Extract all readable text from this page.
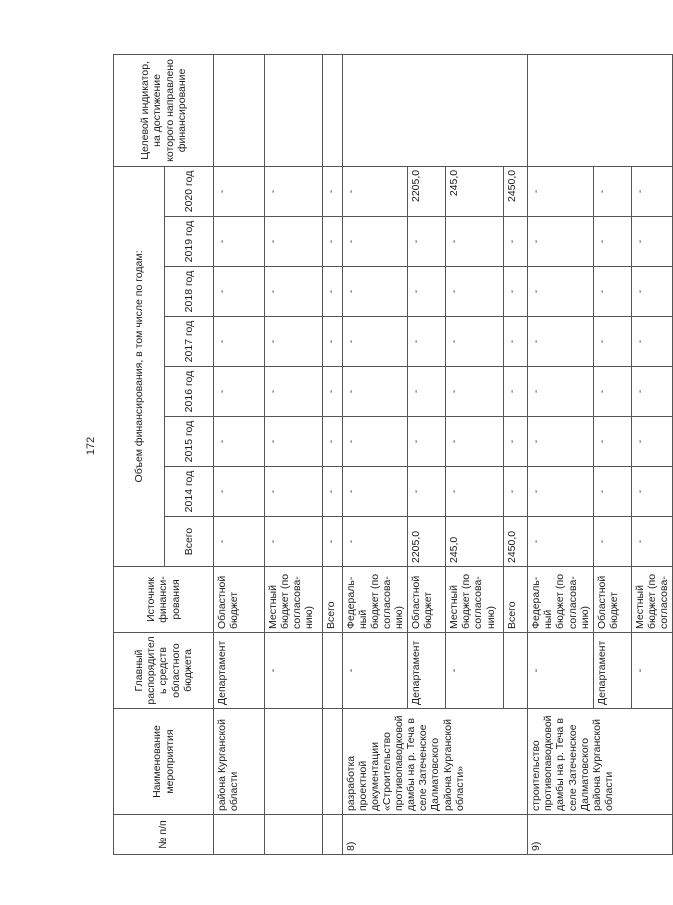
172
№ п/п	Наименование мероприятия	Главный распорядитель средств областного бюджета	Источник финанси-рования	Объем финансирования, в том числе по годам:								Целевой индикатор, на достижение которого направлено финансирование
				Всего	2014 год	2015 год	2016 год	2017 год	2018 год	2019 год	2020 год	
	района Курганской области	Департамент	Областной бюджет	-	-	-	-	-	-	-	-	
		-	Местный бюджет (по согласова-нию)	-	-	-	-	-	-	-	-	
			Всего	-	-	-	-	-	-	-	-	
8)	разработка проектной документации «Строительство противопаводковой дамбы на р. Теча в селе Затеченское Далматовского района Курганской области»	-	Федераль-ный бюджет (по согласова-нию)	-	-	-	-	-	-	-	-	
		Департамент	Областной бюджет	2205,0	-	-	-	-	-	-	2205,0	
		-	Местный бюджет (по согласова-нию)	245,0	-	-	-	-	-	-	245,0	
			Всего	2450,0	-	-	-	-	-	-	2450,0	
9)	строительство противопаводковой дамбы на р. Теча в селе Затеченское Далматовского района Курганской области	-	Федераль-ный бюджет (по согласова-нию)	-	-	-	-	-	-	-	-	
		Департамент	Областной бюджет	-	-	-	-	-	-	-	-	
		-	Местный бюджет (по согласова-	-	-	-	-	-	-	-	-	
